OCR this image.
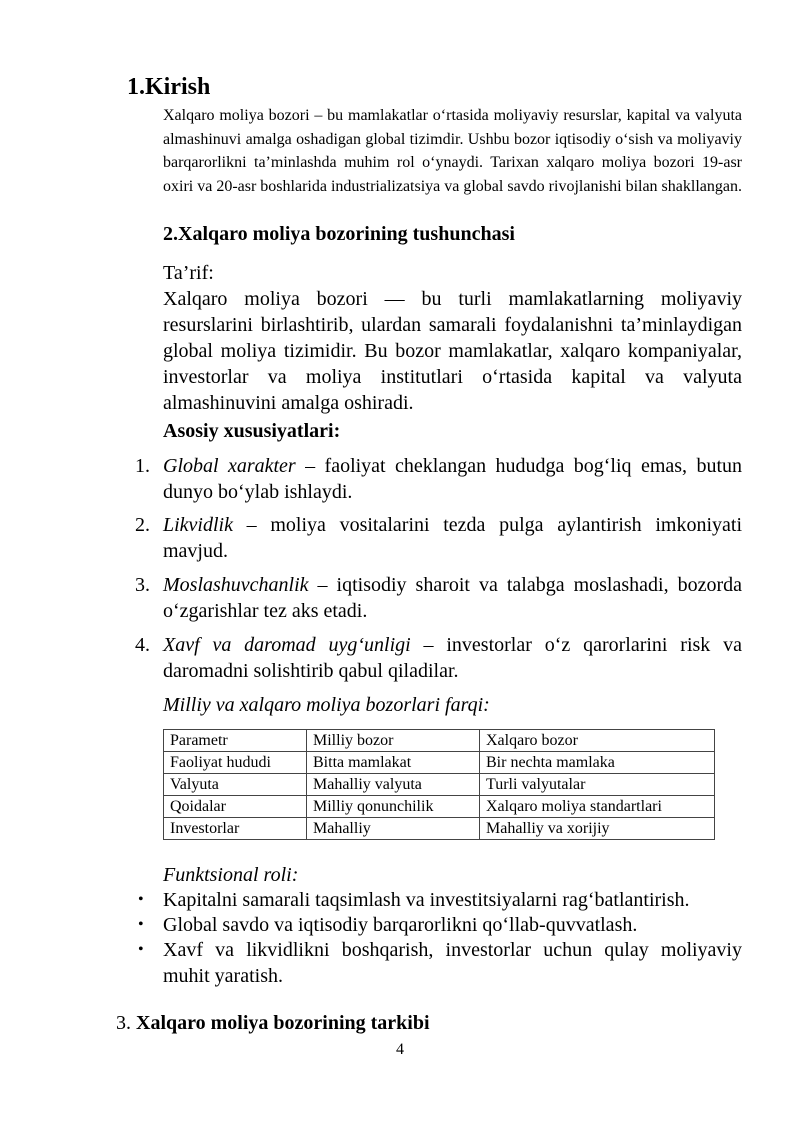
1.Kirish
Xalqaro moliya bozori – bu mamlakatlar o‘rtasida moliyaviy resurslar, kapital va valyuta almashinuvi amalga oshadigan global tizimdir. Ushbu bozor iqtisodiy o‘sish va moliyaviy barqarorlikni ta’minlashda muhim rol o‘ynaydi. Tarixan xalqaro moliya bozori 19-asr oxiri va 20-asr boshlarida industrializatsiya va global savdo rivojlanishi bilan shakllangan.
2.Xalqaro moliya bozorining tushunchasi
Ta’rif:
Xalqaro moliya bozori — bu turli mamlakatlarning moliyaviy resurslarini birlashtirib, ulardan samarali foydalanishni ta’minlaydigan global moliya tizimidir. Bu bozor mamlakatlar, xalqaro kompaniyalar, investorlar va moliya institutlari o‘rtasida kapital va valyuta almashinuvini amalga oshiradi.
Asosiy xususiyatlari:
1. Global xarakter – faoliyat cheklangan hududga bog‘liq emas, butun dunyo bo‘ylab ishlaydi.
2. Likvidlik – moliya vositalarini tezda pulga aylantirish imkoniyati mavjud.
3. Moslashuvchanlik – iqtisodiy sharoit va talabga moslashadi, bozorda o‘zgarishlar tez aks etadi.
4. Xavf va daromad uyg‘unligi – investorlar o‘z qarorlarini risk va daromadni solishtirib qabul qiladilar.
Milliy va xalqaro moliya bozorlari farqi:
Parametr	Milliy bozor	Xalqaro bozor
Faoliyat hududi	Bitta mamlakat	Bir nechta mamlaka
Valyuta	Mahalliy valyuta	Turli valyutalar
Qoidalar	Milliy qonunchilik	Xalqaro moliya standartlari
Investorlar	Mahalliy	Mahalliy va xorijiy
Funktsional roli:
• Kapitalni samarali taqsimlash va investitsiyalarni rag‘batlantirish.
• Global savdo va iqtisodiy barqarorlikni qo‘llab-quvvatlash.
• Xavf va likvidlikni boshqarish, investorlar uchun qulay moliyaviy muhit yaratish.
3. Xalqaro moliya bozorining tarkibi
4
